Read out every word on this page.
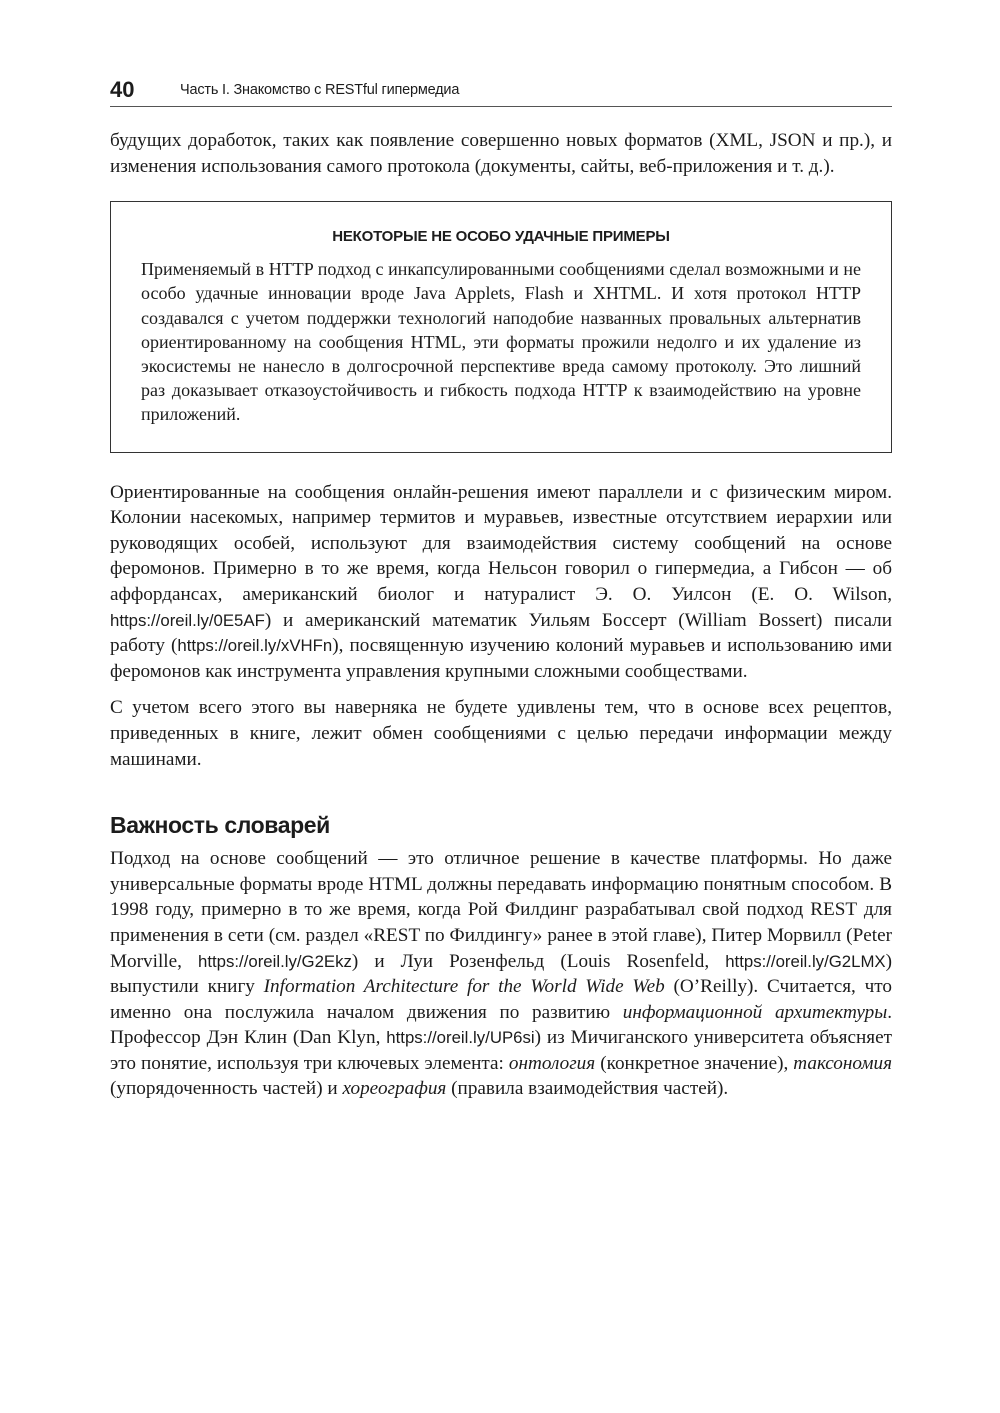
40	Часть I. Знакомство с RESTful гипермедиа

будущих доработок, таких как появление совершенно новых форматов (XML, JSON и пр.), и изменения использования самого протокола (документы, сайты, веб-приложения и т. д.).

НЕКОТОРЫЕ НЕ ОСОБО УДАЧНЫЕ ПРИМЕРЫ

Применяемый в HTTP подход с инкапсулированными сообщениями сделал возможными и не особо удачные инновации вроде Java Applets, Flash и XHTML. И хотя протокол HTTP создавался с учетом поддержки технологий наподобие названных провальных альтернатив ориентированному на сообщения HTML, эти форматы прожили недолго и их удаление из экосистемы не нанесло в долгосрочной перспективе вреда самому протоколу. Это лишний раз доказывает отказоустойчивость и гибкость подхода HTTP к взаимодействию на уровне приложений.

Ориентированные на сообщения онлайн-решения имеют параллели и с физическим миром. Колонии насекомых, например термитов и муравьев, известные отсутствием иерархии или руководящих особей, используют для взаимодействия систему сообщений на основе феромонов. Примерно в то же время, когда Нельсон говорил о гипермедиа, а Гибсон — об аффордансах, американский биолог и натуралист Э. О. Уилсон (E. O. Wilson, https://oreil.ly/0E5AF) и американский математик Уильям Боссерт (William Bossert) писали работу (https://oreil.ly/xVHFn), посвященную изучению колоний муравьев и использованию ими феромонов как инструмента управления крупными сложными сообществами.

С учетом всего этого вы наверняка не будете удивлены тем, что в основе всех рецептов, приведенных в книге, лежит обмен сообщениями с целью передачи информации между машинами.

Важность словарей

Подход на основе сообщений — это отличное решение в качестве платформы. Но даже универсальные форматы вроде HTML должны передавать информацию понятным способом. В 1998 году, примерно в то же время, когда Рой Филдинг разрабатывал свой подход REST для применения в сети (см. раздел «REST по Филдингу» ранее в этой главе), Питер Морвилл (Peter Morville, https://oreil.ly/G2Ekz) и Луи Розенфельд (Louis Rosenfeld, https://oreil.ly/G2LMX) выпустили книгу Information Architecture for the World Wide Web (O’Reilly). Считается, что именно она послужила началом движения по развитию информационной архитектуры. Профессор Дэн Клин (Dan Klyn, https://oreil.ly/UP6si) из Мичиганского университета объясняет это понятие, используя три ключевых элемента: онтология (конкретное значение), таксономия (упорядоченность частей) и хореография (правила взаимодействия частей).
